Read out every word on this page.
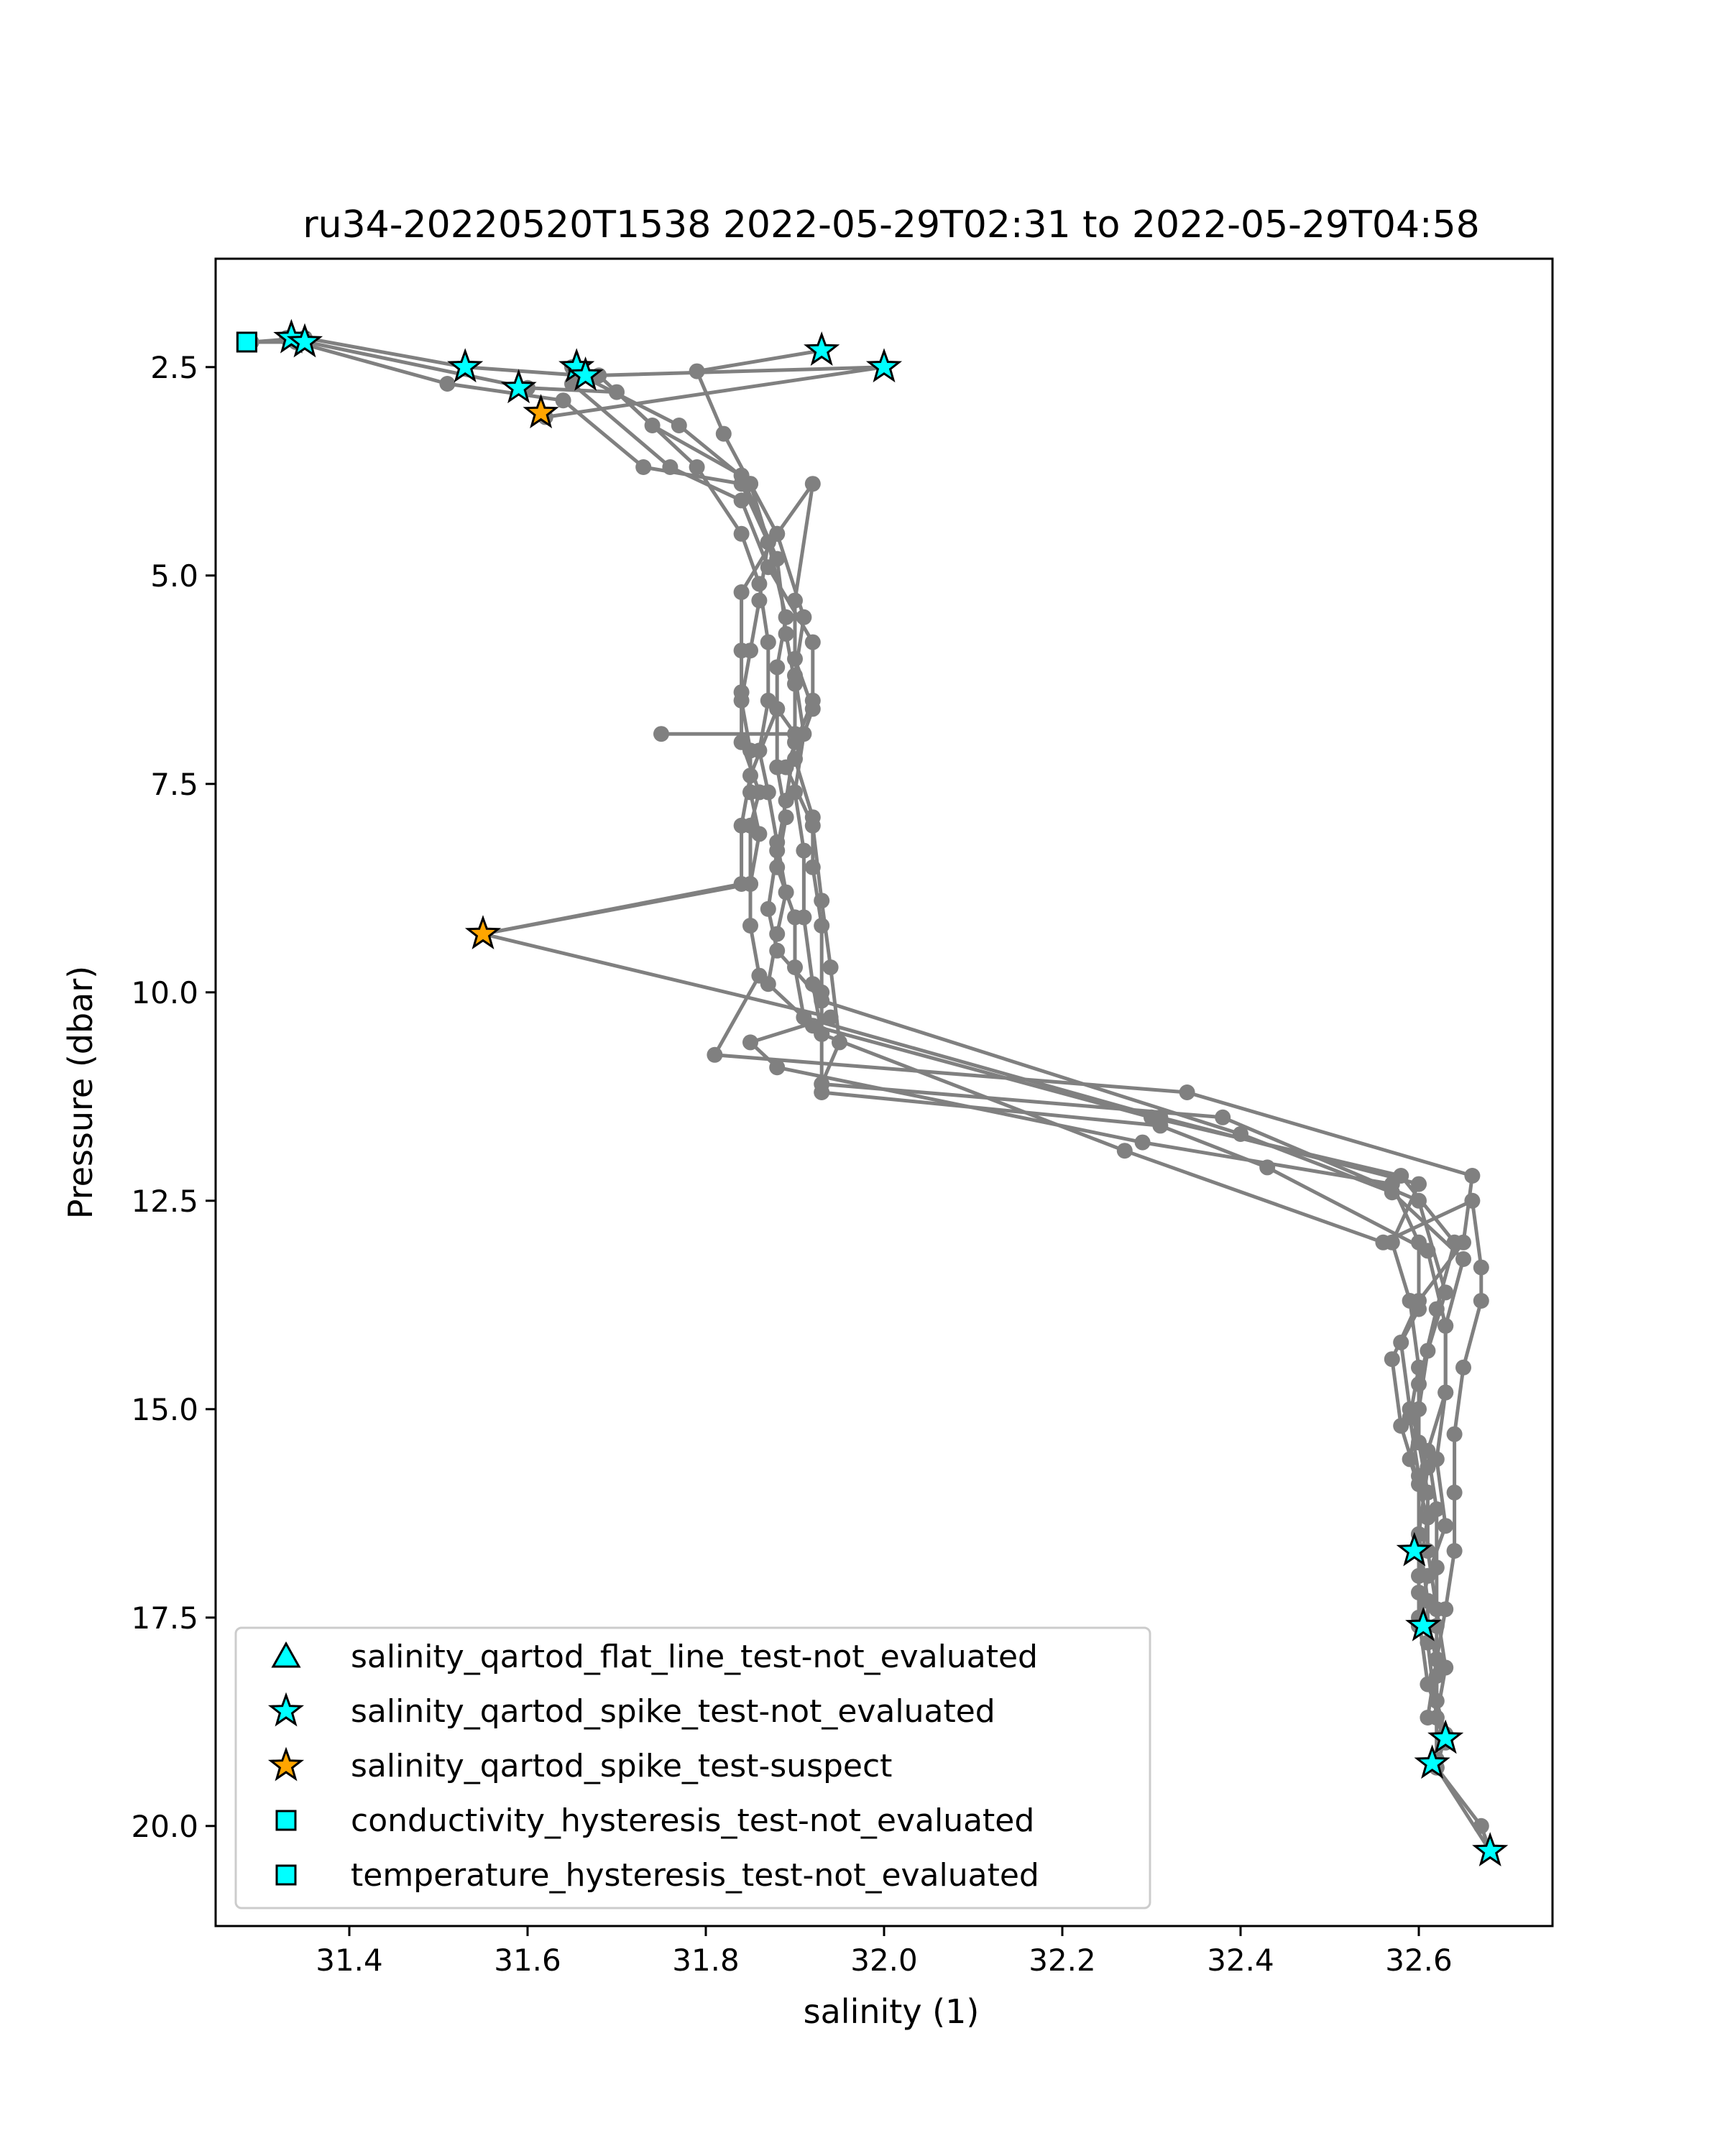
ru34-20220520T1538 2022-05-29T02:31 to 2022-05-29T04:58
31.4	31.6	31.8	32.0	32.2	32.4	32.6
2.5
5.0
7.5
10.0
12.5
15.0
17.5
20.0
salinity (1)
Pressure (dbar)
salinity_qartod_flat_line_test-not_evaluated
salinity_qartod_spike_test-not_evaluated
salinity_qartod_spike_test-suspect
conductivity_hysteresis_test-not_evaluated
temperature_hysteresis_test-not_evaluated
